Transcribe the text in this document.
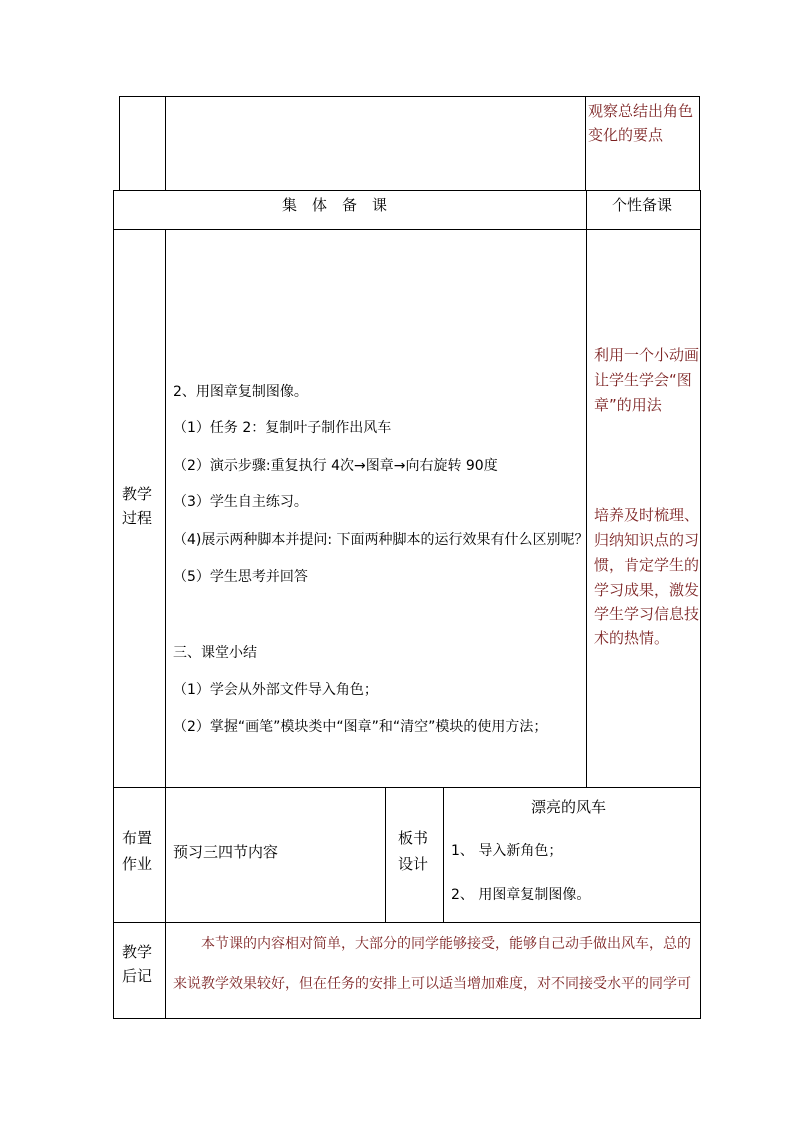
观察总结出角色
变化的要点
集　体　备　课	个性备课
教学
过程
2、用图章复制图像。
（1）任务 2：复制叶子制作出风车
（2）演示步骤:重复执行 4次→图章→向右旋转 90度
（3）学生自主练习。
（4)展示两种脚本并提问: 下面两种脚本的运行效果有什么区别呢？
（5）学生思考并回答
三、课堂小结
（1）学会从外部文件导入角色；
（2）掌握“画笔”模块类中“图章”和“清空”模块的使用方法；
利用一个小动画
让学生学会“图
章”的用法
培养及时梳理、
归纳知识点的习
惯，肯定学生的
学习成果，激发
学生学习信息技
术的热情。
布置
作业
预习三四节内容
板书
设计
漂亮的风车
1、 导入新角色；
2、 用图章复制图像。
教学
后记
本节课的内容相对简单，大部分的同学能够接受，能够自己动手做出风车，总的
来说教学效果较好，但在任务的安排上可以适当增加难度，对不同接受水平的同学可
